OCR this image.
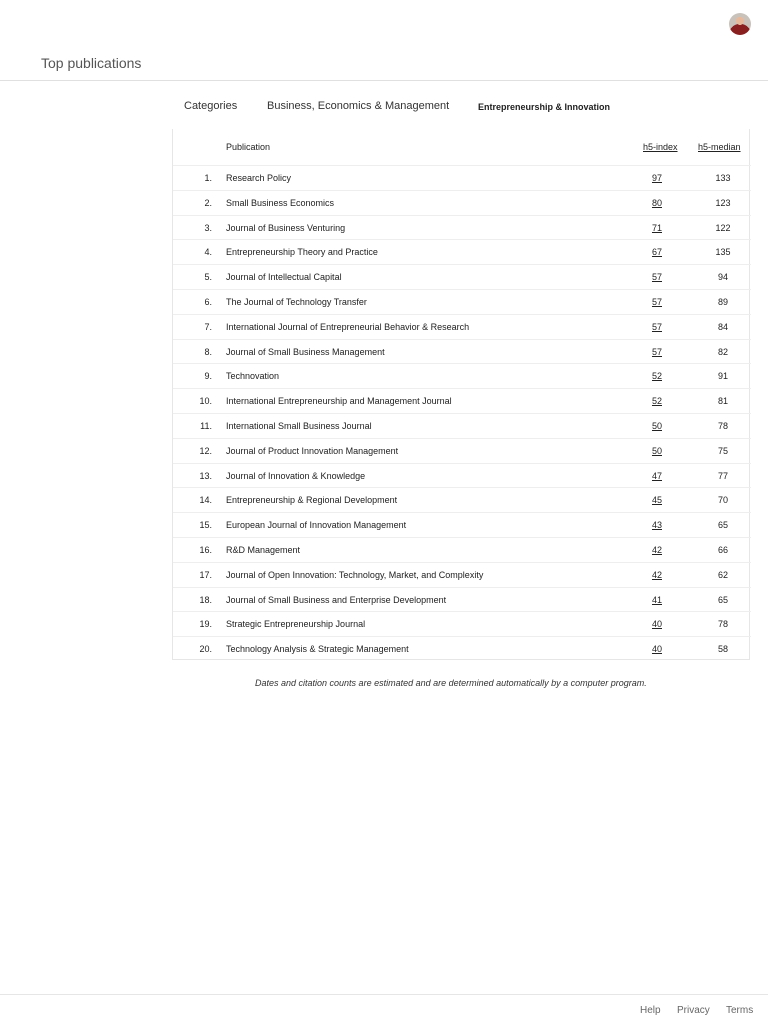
Top publications
Categories	Business, Economics & Management	Entrepreneurship & Innovation
Publication	h5-index h5-median
1. Research Policy	97	133
2. Small Business Economics	80	123
3. Journal of Business Venturing	71	122
4. Entrepreneurship Theory and Practice	67	135
5. Journal of Intellectual Capital	57	94
6. The Journal of Technology Transfer	57	89
7. International Journal of Entrepreneurial Behavior & Research	57	84
8. Journal of Small Business Management	57	82
9. Technovation	52	91
10. International Entrepreneurship and Management Journal	52	81
11. International Small Business Journal	50	78
12. Journal of Product Innovation Management	50	75
13. Journal of Innovation & Knowledge	47	77
14. Entrepreneurship & Regional Development	45	70
15. European Journal of Innovation Management	43	65
16. R&D Management	42	66
17. Journal of Open Innovation: Technology, Market, and Complexity	42	62
18. Journal of Small Business and Enterprise Development	41	65
19. Strategic Entrepreneurship Journal	40	78
20. Technology Analysis & Strategic Management	40	58
Dates and citation counts are estimated and are determined automatically by a computer program.
Help Privacy Terms
